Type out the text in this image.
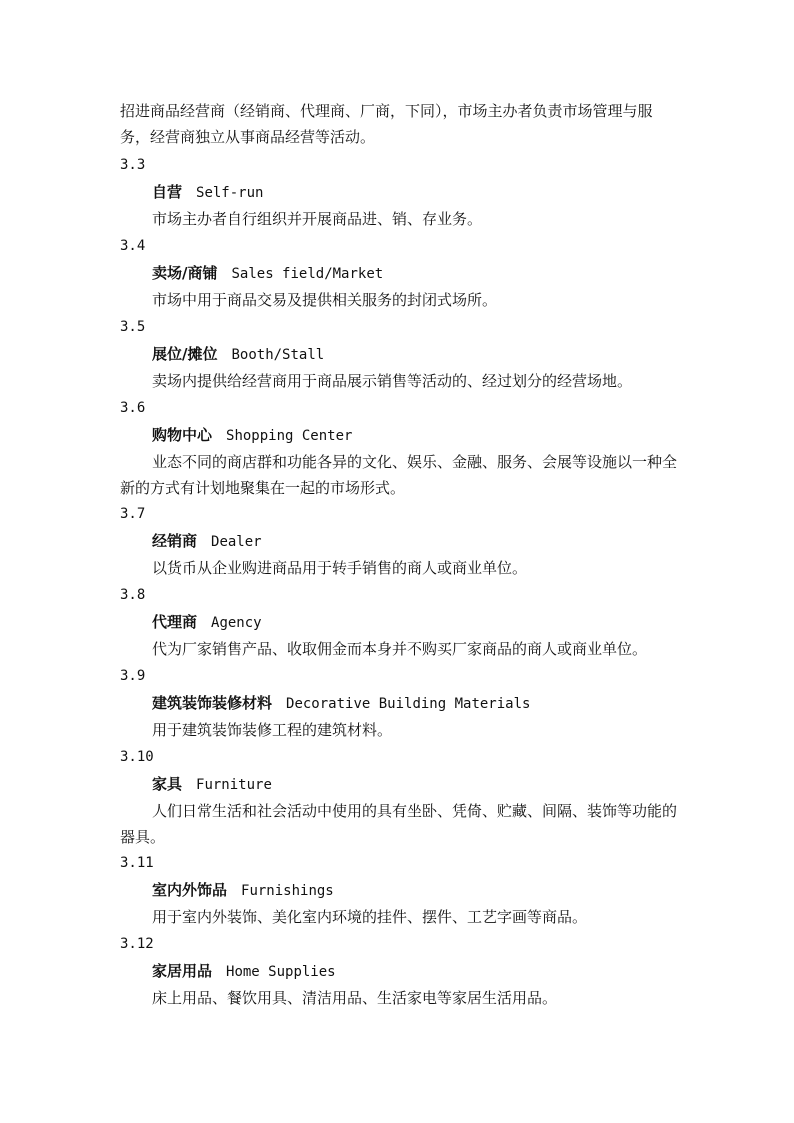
招进商品经营商（经销商、代理商、厂商，下同），市场主办者负责市场管理与服务，经营商独立从事商品经营等活动。

3.3

自营 Self-run

市场主办者自行组织并开展商品进、销、存业务。

3.4

卖场/商铺 Sales field/Market

市场中用于商品交易及提供相关服务的封闭式场所。

3.5

展位/摊位 Booth/Stall

卖场内提供给经营商用于商品展示销售等活动的、经过划分的经营场地。

3.6

购物中心 Shopping Center

业态不同的商店群和功能各异的文化、娱乐、金融、服务、会展等设施以一种全新的方式有计划地聚集在一起的市场形式。

3.7

经销商 Dealer

以货币从企业购进商品用于转手销售的商人或商业单位。

3.8

代理商 Agency

代为厂家销售产品、收取佣金而本身并不购买厂家商品的商人或商业单位。

3.9

建筑装饰装修材料 Decorative Building Materials

用于建筑装饰装修工程的建筑材料。

3.10

家具 Furniture

人们日常生活和社会活动中使用的具有坐卧、凭倚、贮藏、间隔、装饰等功能的器具。

3.11

室内外饰品 Furnishings

用于室内外装饰、美化室内环境的挂件、摆件、工艺字画等商品。

3.12

家居用品 Home Supplies

床上用品、餐饮用具、清洁用品、生活家电等家居生活用品。
